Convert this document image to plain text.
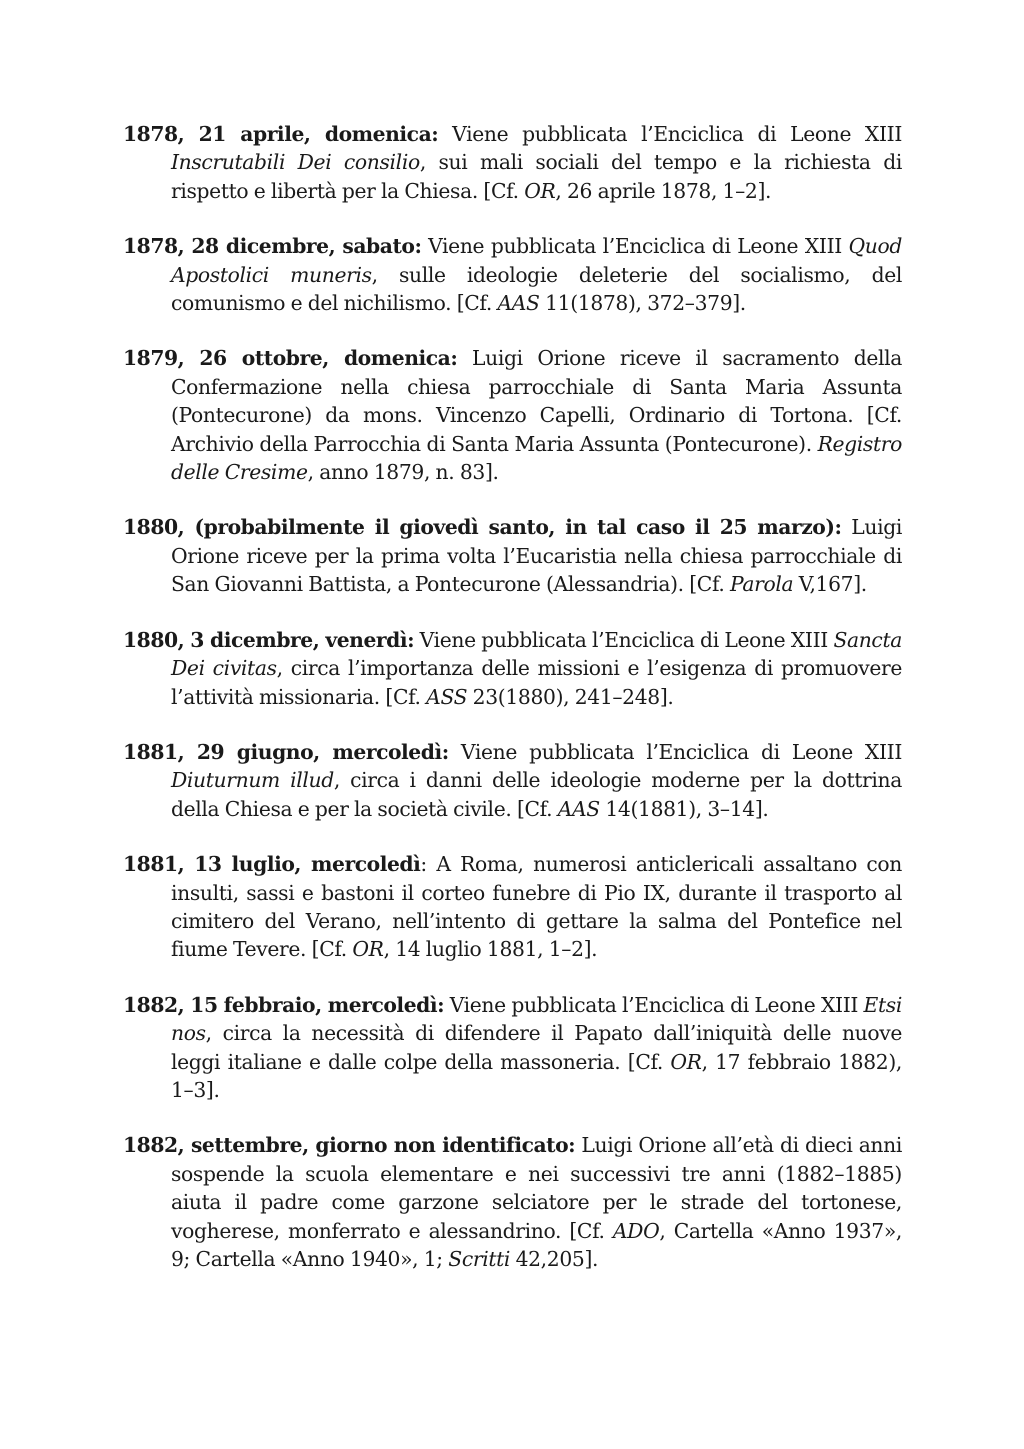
1878, 21 aprile, domenica: Viene pubblicata l’Enciclica di Leone XIII Inscrutabili Dei consilio, sui mali sociali del tempo e la richiesta di rispetto e libertà per la Chiesa. [Cf. OR, 26 aprile 1878, 1–2].

1878, 28 dicembre, sabato: Viene pubblicata l’Enciclica di Leone XIII Quod Apostolici muneris, sulle ideologie deleterie del socialismo, del comunismo e del nichilismo. [Cf. AAS 11(1878), 372–379].

1879, 26 ottobre, domenica: Luigi Orione riceve il sacramento della Confermazione nella chiesa parrocchiale di Santa Maria Assunta (Pontecurone) da mons. Vincenzo Capelli, Ordinario di Tortona. [Cf. Archivio della Parrocchia di Santa Maria Assunta (Pontecurone). Registro delle Cresime, anno 1879, n. 83].

1880, (probabilmente il giovedì santo, in tal caso il 25 marzo): Luigi Orione riceve per la prima volta l’Eucaristia nella chiesa parrocchiale di San Giovanni Battista, a Pontecurone (Alessandria). [Cf. Parola V,167].

1880, 3 dicembre, venerdì: Viene pubblicata l’Enciclica di Leone XIII Sancta Dei civitas, circa l’importanza delle missioni e l’esigenza di promuovere l’attività missionaria. [Cf. ASS 23(1880), 241–248].

1881, 29 giugno, mercoledì: Viene pubblicata l’Enciclica di Leone XIII Diuturnum illud, circa i danni delle ideologie moderne per la dottrina della Chiesa e per la società civile. [Cf. AAS 14(1881), 3–14].

1881, 13 luglio, mercoledì: A Roma, numerosi anticlericali assaltano con insulti, sassi e bastoni il corteo funebre di Pio IX, durante il trasporto al cimitero del Verano, nell’intento di gettare la salma del Pontefice nel fiume Tevere. [Cf. OR, 14 luglio 1881, 1–2].

1882, 15 febbraio, mercoledì: Viene pubblicata l’Enciclica di Leone XIII Etsi nos, circa la necessità di difendere il Papato dall’iniquità delle nuove leggi italiane e dalle colpe della massoneria. [Cf. OR, 17 febbraio 1882), 1–3].

1882, settembre, giorno non identificato: Luigi Orione all’età di dieci anni sospende la scuola elementare e nei successivi tre anni (1882–1885) aiuta il padre come garzone selciatore per le strade del tortonese, vogherese, monferrato e alessandrino. [Cf. ADO, Cartella «Anno 1937», 9; Cartella «Anno 1940», 1; Scritti 42,205].
